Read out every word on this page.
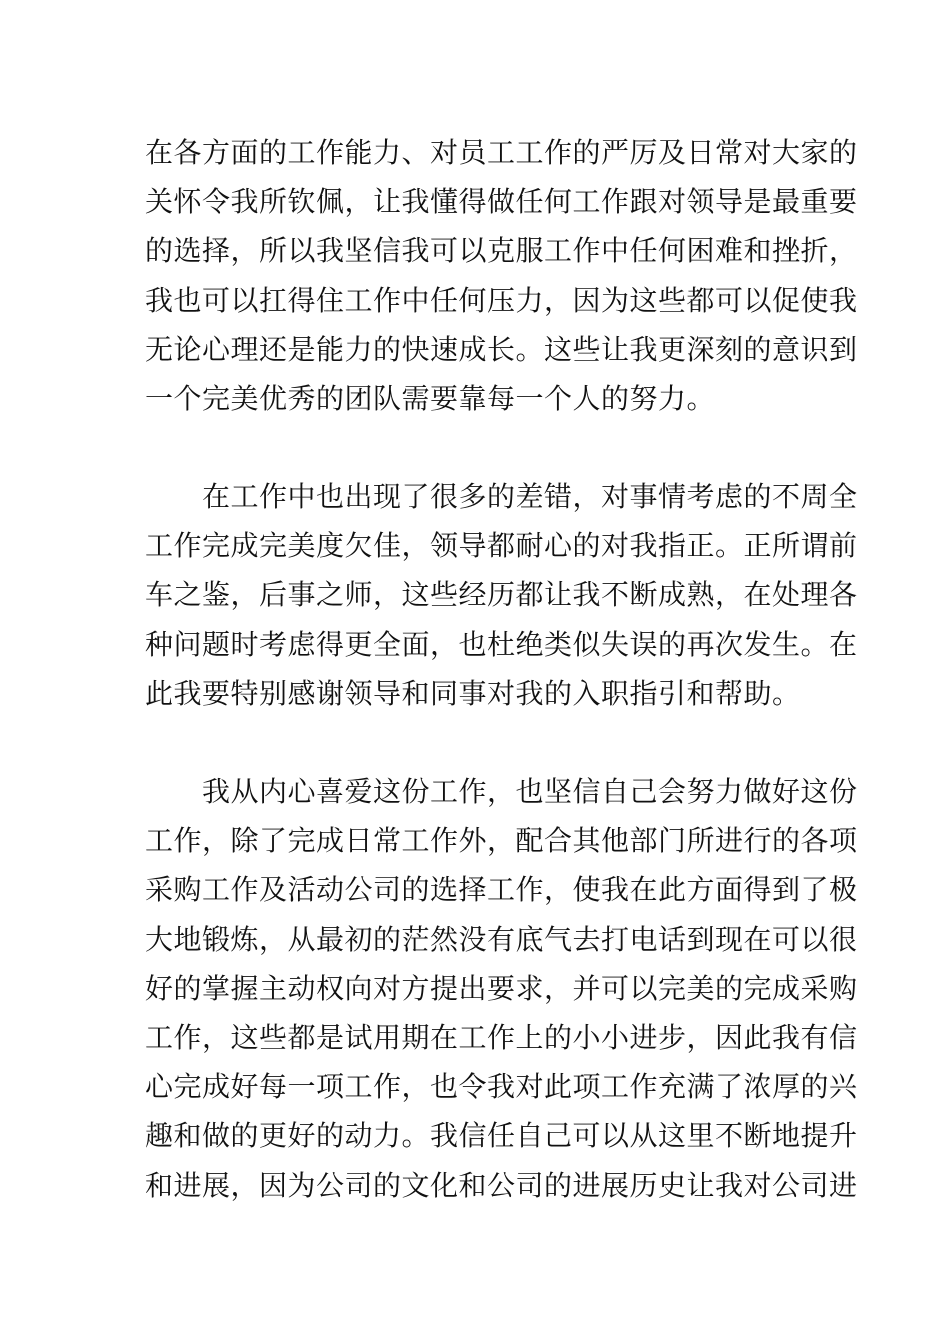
在各方面的工作能力、对员工工作的严厉及日常对大家的
关怀令我所钦佩，让我懂得做任何工作跟对领导是最重要
的选择，所以我坚信我可以克服工作中任何困难和挫折，
我也可以扛得住工作中任何压力，因为这些都可以促使我
无论心理还是能力的快速成长。这些让我更深刻的意识到
一个完美优秀的团队需要靠每一个人的努力。

　　在工作中也出现了很多的差错，对事情考虑的不周全
工作完成完美度欠佳，领导都耐心的对我指正。正所谓前
车之鉴，后事之师，这些经历都让我不断成熟，在处理各
种问题时考虑得更全面，也杜绝类似失误的再次发生。在
此我要特别感谢领导和同事对我的入职指引和帮助。

　　我从内心喜爱这份工作，也坚信自己会努力做好这份
工作，除了完成日常工作外，配合其他部门所进行的各项
采购工作及活动公司的选择工作，使我在此方面得到了极
大地锻炼，从最初的茫然没有底气去打电话到现在可以很
好的掌握主动权向对方提出要求，并可以完美的完成采购
工作，这些都是试用期在工作上的小小进步，因此我有信
心完成好每一项工作，也令我对此项工作充满了浓厚的兴
趣和做的更好的动力。我信任自己可以从这里不断地提升
和进展，因为公司的文化和公司的进展历史让我对公司进
